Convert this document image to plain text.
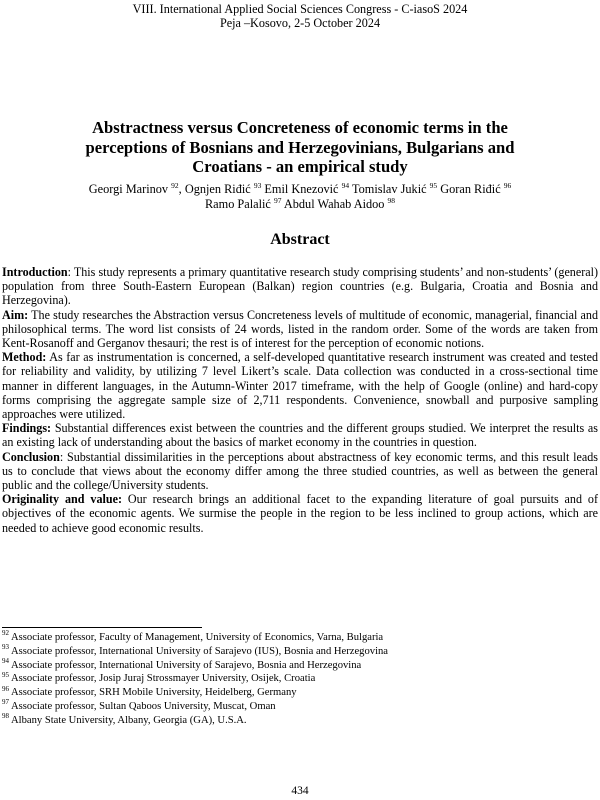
VIII. International Applied Social Sciences Congress - C-iasoS 2024
Peja –Kosovo, 2-5 October 2024
Abstractness versus Concreteness of economic terms in the
perceptions of Bosnians and Herzegovinians, Bulgarians and
Croatians - an empirical study
Georgi Marinov $^{92}$, Ognjen Riđić $^{93}$ Emil Knezović $^{94}$ Tomislav Jukić $^{95}$ Goran Riđić $^{96}$
Ramo Palalić $^{97}$ Abdul Wahab Aidoo $^{98}$
Abstract

Introduction: This study represents a primary quantitative research study comprising students’ and non-students’ (general) population from three South-Eastern European (Balkan) region countries (e.g. Bulgaria, Croatia and Bosnia and Herzegovina).

Aim: The study researches the Abstraction versus Concreteness levels of multitude of economic, managerial, financial and philosophical terms. The word list consists of 24 words, listed in the random order. Some of the words are taken from Kent-Rosanoff and Gerganov thesauri; the rest is of interest for the perception of economic notions.

Method: As far as instrumentation is concerned, a self-developed quantitative research instrument was created and tested for reliability and validity, by utilizing 7 level Likert’s scale. Data collection was conducted in a cross-sectional time manner in different languages, in the Autumn-Winter 2017 timeframe, with the help of Google (online) and hard-copy forms comprising the aggregate sample size of 2,711 respondents. Convenience, snowball and purposive sampling approaches were utilized.

Findings: Substantial differences exist between the countries and the different groups studied. We interpret the results as an existing lack of understanding about the basics of market economy in the countries in question.

Conclusion: Substantial dissimilarities in the perceptions about abstractness of key economic terms, and this result leads us to conclude that views about the economy differ among the three studied countries, as well as between the general public and the college/University students.

Originality and value: Our research brings an additional facet to the expanding literature of goal pursuits and of objectives of the economic agents. We surmise the people in the region to be less inclined to group actions, which are needed to achieve good economic results.

$^{92}$ Associate professor, Faculty of Management, University of Economics, Varna, Bulgaria
$^{93}$ Associate professor, International University of Sarajevo (IUS), Bosnia and Herzegovina
$^{94}$ Associate professor, International University of Sarajevo, Bosnia and Herzegovina
$^{95}$ Associate professor, Josip Juraj Strossmayer University, Osijek, Croatia
$^{96}$ Associate professor, SRH Mobile University, Heidelberg, Germany
$^{97}$ Associate professor, Sultan Qaboos University, Muscat, Oman
$^{98}$ Albany State University, Albany, Georgia (GA), U.S.A.
434
